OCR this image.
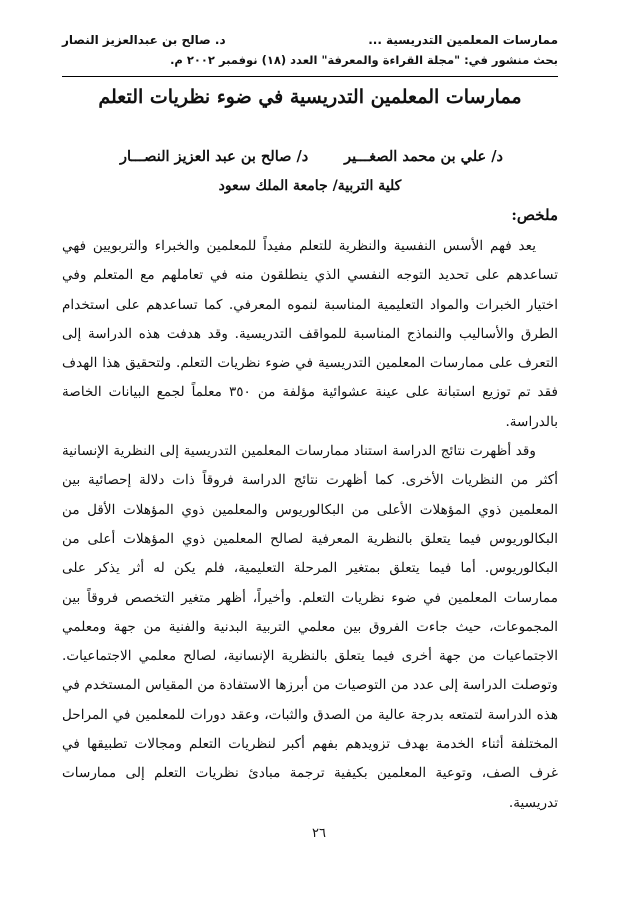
ممارسات المعلمين التدريسية ...
د. صالح بن عبدالعزيز النصار
بحث منشور في: "مجلة القراءة والمعرفة" العدد (١٨) نوفمبر ٢٠٠٢ م.
ممارسات المعلمين التدريسية في ضوء نظريات التعلم
د/ علي بن محمد الصغـــير
د/ صالح بن عبد العزيز النصـــار
كلية التربية/ جامعة الملك سعود
ملخص:

يعد فهم الأسس النفسية والنظرية للتعلم مفيداً للمعلمين والخبراء والتربويين فهي تساعدهم على تحديد التوجه النفسي الذي ينطلقون منه في تعاملهم مع المتعلم وفي اختيار الخبرات والمواد التعليمية المناسبة لنموه المعرفي. كما تساعدهم على استخدام الطرق والأساليب والنماذج المناسبة للمواقف التدريسية. وقد هدفت هذه الدراسة إلى التعرف على ممارسات المعلمين التدريسية في ضوء نظريات التعلم. ولتحقيق هذا الهدف فقد تم توزيع استبانة على عينة عشوائية مؤلفة من ٣٥٠ معلماً لجمع البيانات الخاصة بالدراسة.

وقد أظهرت نتائج الدراسة استناد ممارسات المعلمين التدريسية إلى النظرية الإنسانية أكثر من النظريات الأخرى. كما أظهرت نتائج الدراسة فروقاً ذات دلالة إحصائية بين المعلمين ذوي المؤهلات الأعلى من البكالوريوس والمعلمين ذوي المؤهلات الأقل من البكالوريوس فيما يتعلق بالنظرية المعرفية لصالح المعلمين ذوي المؤهلات أعلى من البكالوريوس. أما فيما يتعلق بمتغير المرحلة التعليمية، فلم يكن له أثر يذكر على ممارسات المعلمين في ضوء نظريات التعلم. وأخيراً، أظهر متغير التخصص فروقاً بين المجموعات، حيث جاءت الفروق بين معلمي التربية البدنية والفنية من جهة ومعلمي الاجتماعيات من جهة أخرى فيما يتعلق بالنظرية الإنسانية، لصالح معلمي الاجتماعيات. وتوصلت الدراسة إلى عدد من التوصيات من أبرزها الاستفادة من المقياس المستخدم في هذه الدراسة لتمتعه بدرجة عالية من الصدق والثبات، وعقد دورات للمعلمين في المراحل المختلفة أثناء الخدمة بهدف تزويدهم بفهم أكبر لنظريات التعلم ومجالات تطبيقها في غرف الصف، وتوعية المعلمين بكيفية ترجمة مبادئ نظريات التعلم إلى ممارسات تدريسية.

٢٦
